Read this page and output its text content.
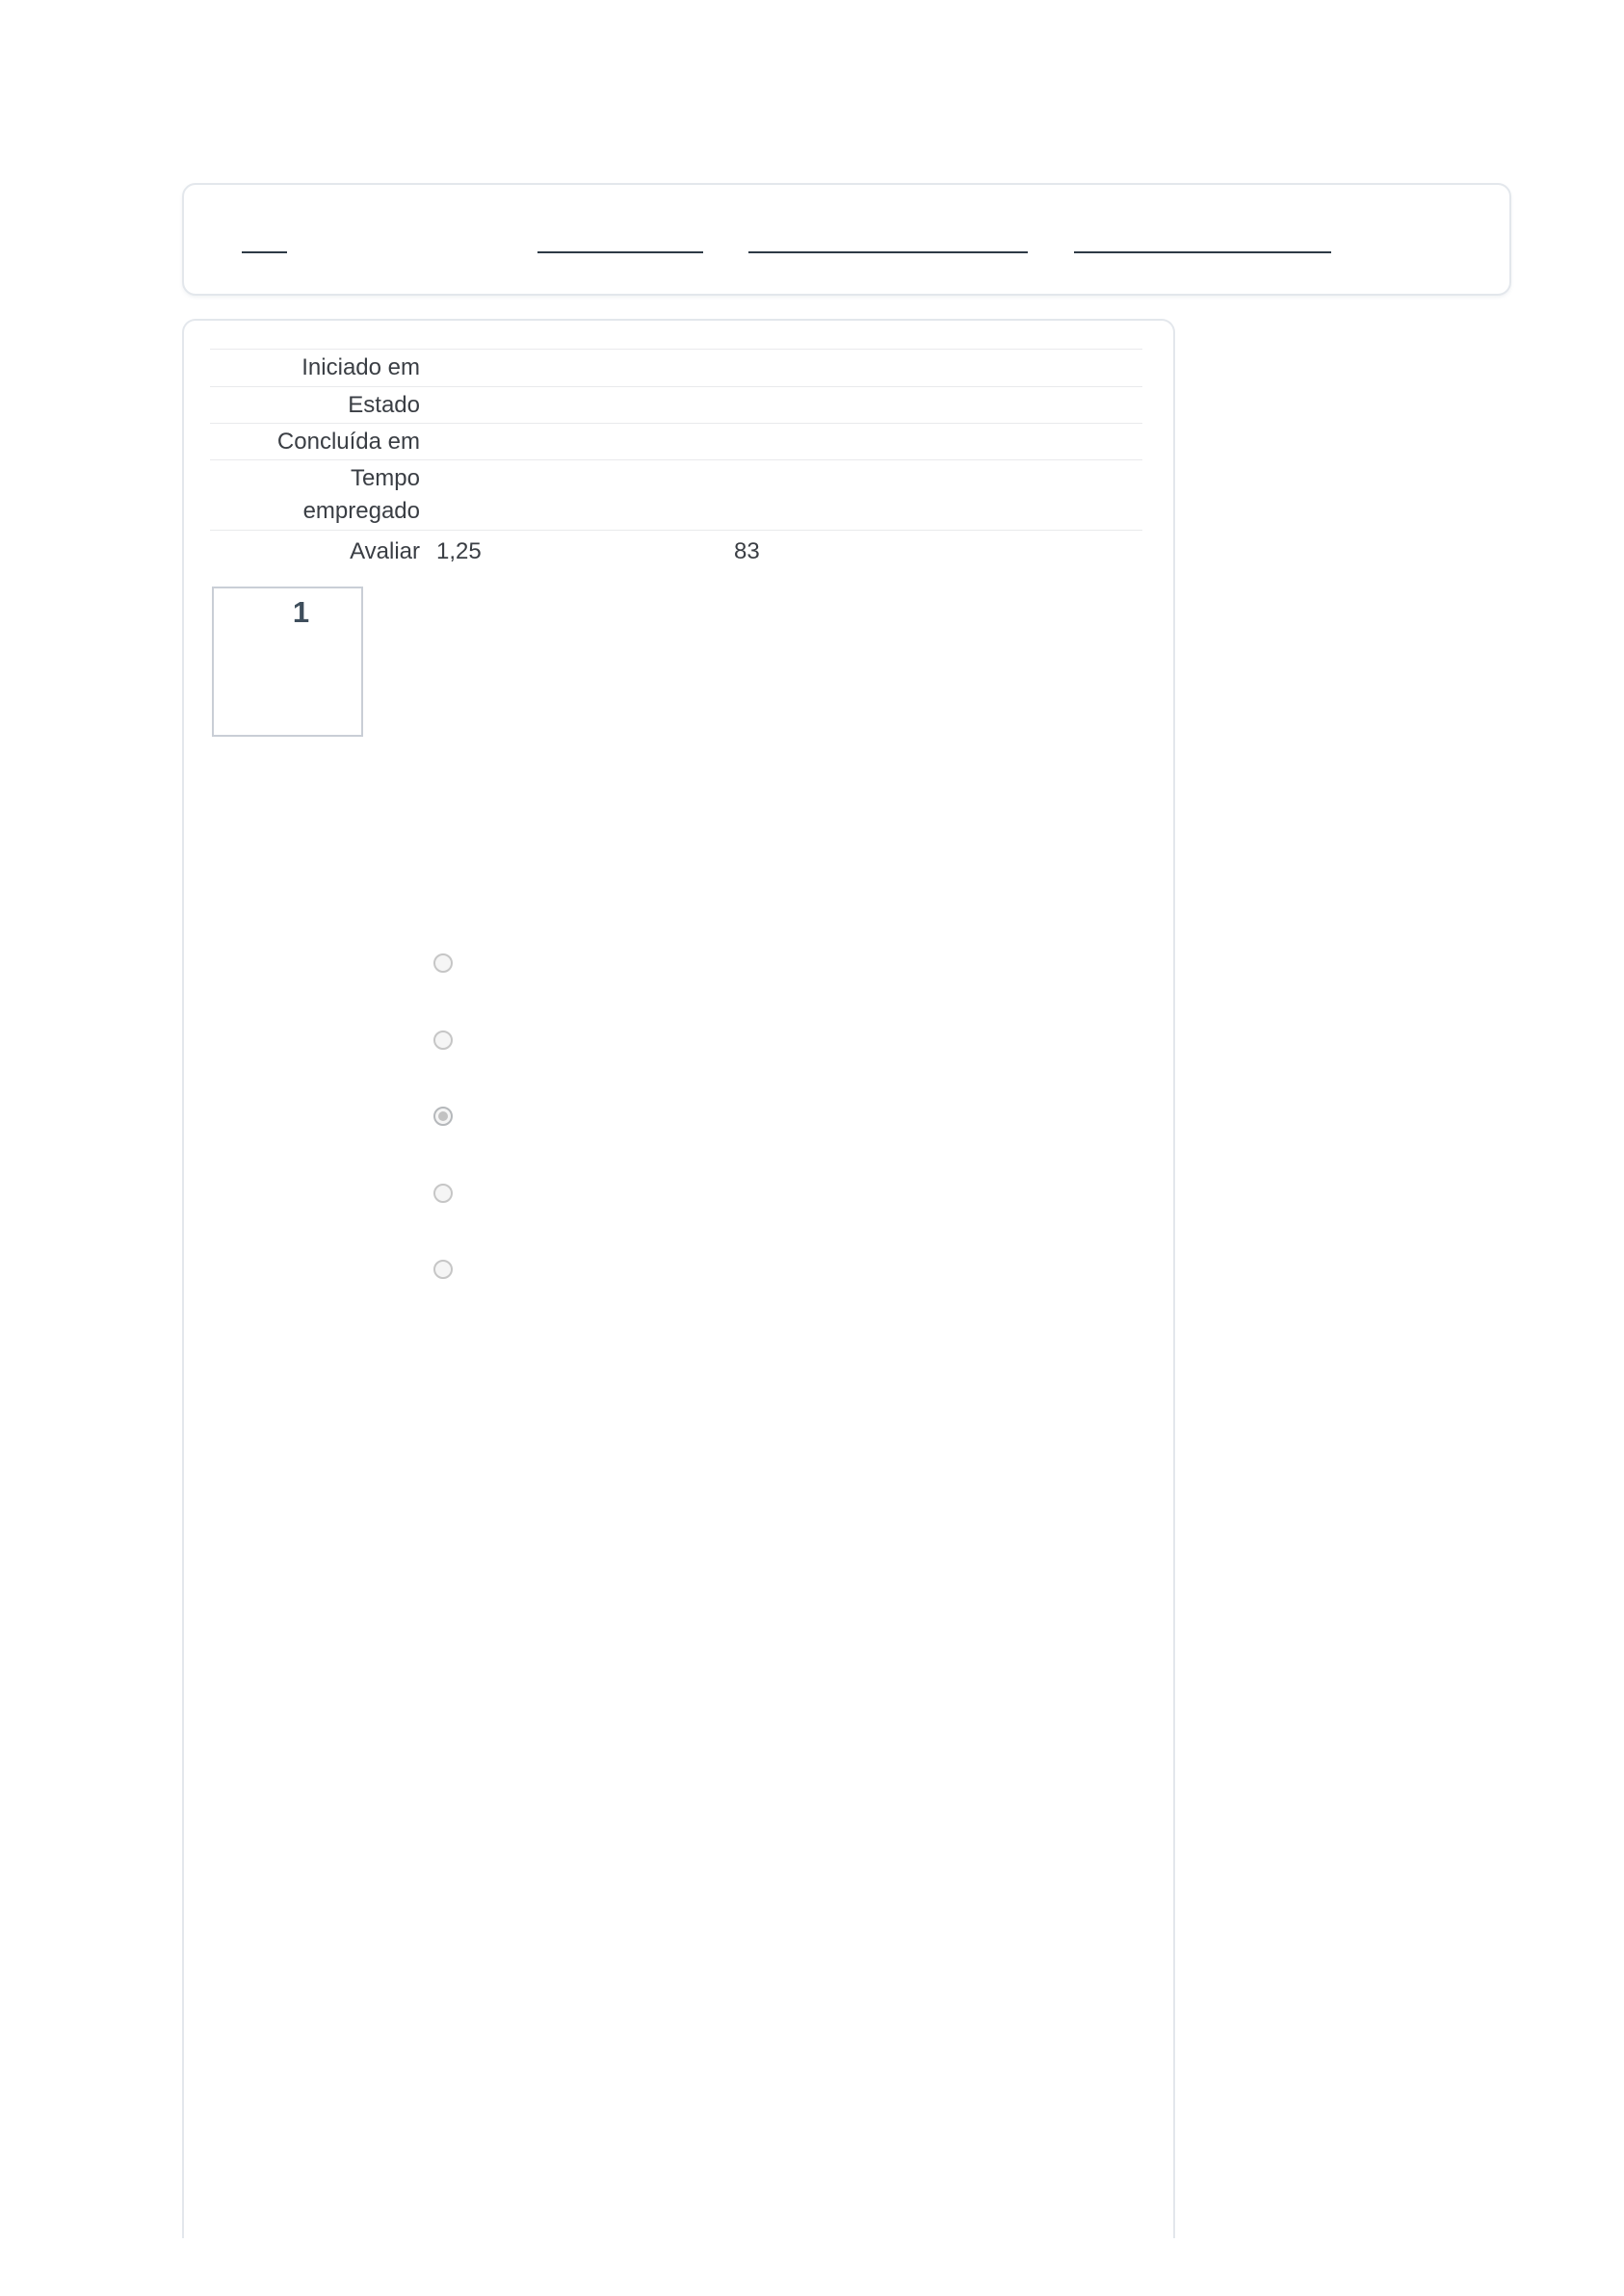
Iniciado em
Estado
Concluída em
Tempo empregado
Avaliar 1,25	83
1
